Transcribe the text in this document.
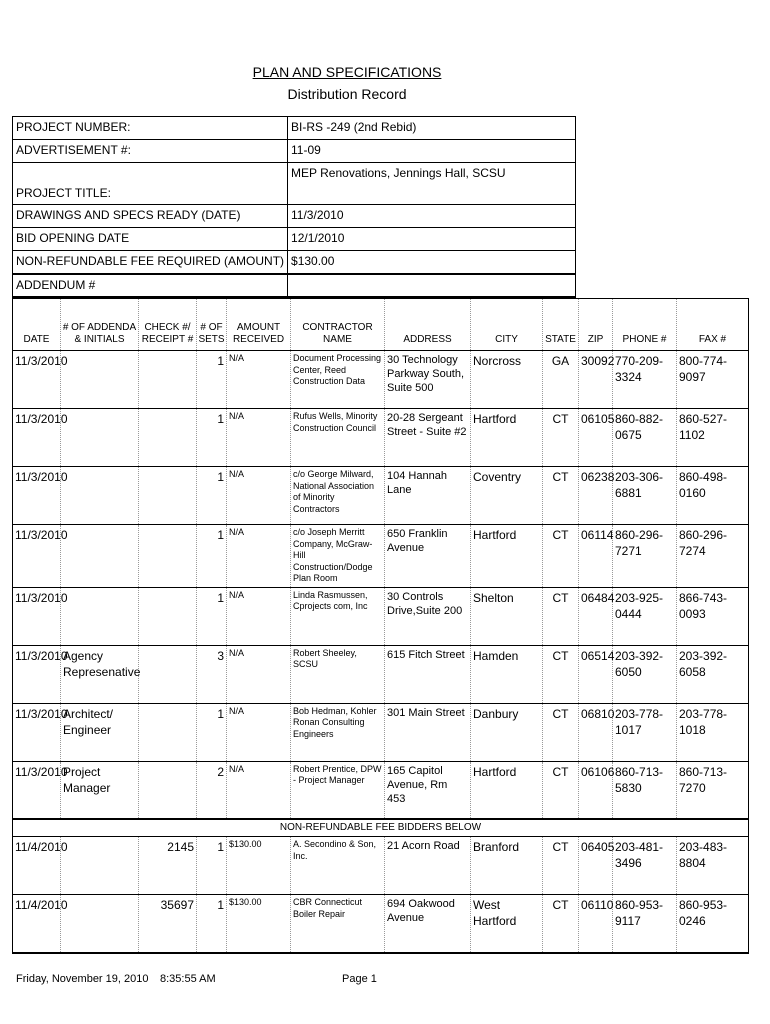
PLAN AND SPECIFICATIONS
Distribution Record
PROJECT NUMBER:	BI-RS -249 (2nd Rebid)
ADVERTISEMENT #:	11-09
PROJECT TITLE:	MEP Renovations, Jennings Hall, SCSU
DRAWINGS AND SPECS READY (DATE)	11/3/2010
BID OPENING DATE	12/1/2010
NON-REFUNDABLE FEE REQUIRED (AMOUNT)	$130.00
ADDENDUM #	
DATE	# OF ADDENDA & INITIALS	CHECK #/ RECEIPT #	# OF SETS	AMOUNT RECEIVED	CONTRACTOR NAME	ADDRESS	CITY	STATE	ZIP	PHONE #	FAX #
11/3/2010			1	N/A	Document Processing Center, Reed Construction Data	30 Technology Parkway South, Suite 500	Norcross	GA	30092	770-209-3324	800-774-9097
11/3/2010			1	N/A	Rufus Wells, Minority Construction Council	20-28 Sergeant Street - Suite #2	Hartford	CT	06105	860-882-0675	860-527-1102
11/3/2010			1	N/A	c/o George Milward, National Association of Minority Contractors	104 Hannah Lane	Coventry	CT	06238	203-306-6881	860-498-0160
11/3/2010			1	N/A	c/o Joseph Merritt Company, McGraw-Hill Construction/Dodge Plan Room	650 Franklin Avenue	Hartford	CT	06114	860-296-7271	860-296-7274
11/3/2010			1	N/A	Linda Rasmussen, Cprojects com, Inc	30 Controls Drive,Suite 200	Shelton	CT	06484	203-925-0444	866-743-0093
11/3/2010	Agency Represenative		3	N/A	Robert Sheeley, SCSU	615 Fitch Street	Hamden	CT	06514	203-392-6050	203-392-6058
11/3/2010	Architect/ Engineer		1	N/A	Bob Hedman, Kohler Ronan Consulting Engineers	301 Main Street	Danbury	CT	06810	203-778-1017	203-778-1018
11/3/2010	Project Manager		2	N/A	Robert Prentice, DPW - Project Manager	165 Capitol Avenue, Rm 453	Hartford	CT	06106	860-713-5830	860-713-7270
NON-REFUNDABLE FEE BIDDERS BELOW											
11/4/2010		2145	1	$130.00	A. Secondino & Son, Inc.	21 Acorn Road	Branford	CT	06405	203-481-3496	203-483-8804
11/4/2010		35697	1	$130.00	CBR Connecticut Boiler Repair	694 Oakwood Avenue	West Hartford	CT	06110	860-953-9117	860-953-0246

Friday, November 19, 2010 8:35:55 AM	Page 1
